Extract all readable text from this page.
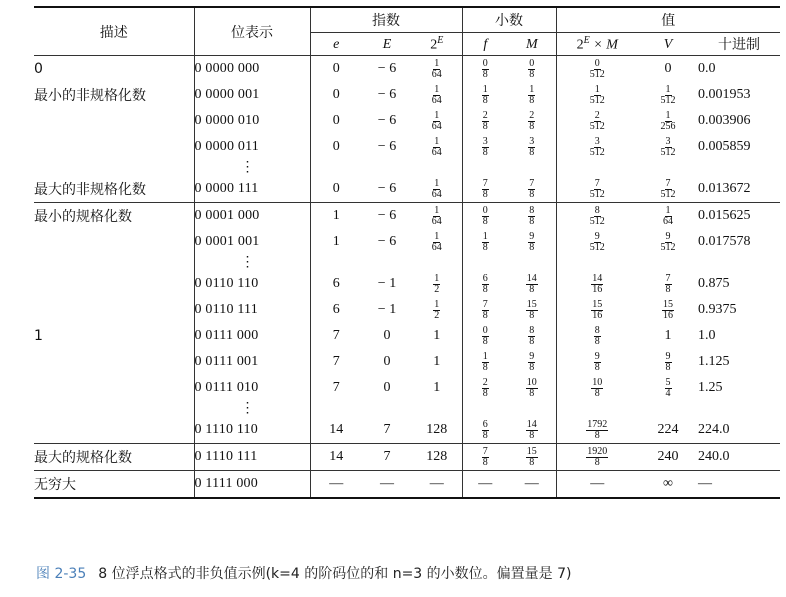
描述	位表示	指数			小数		值		
		e	E	$2^E$	f	M	$2^E \times M$	V	十进制
0	0 0000 000	0	− 6	$\frac{1}{64}$	$\frac{0}{8}$	$\frac{0}{8}$	$\frac{0}{512}$	0	0.0
最小的非规格化数	0 0000 001	0	− 6	$\frac{1}{64}$	$\frac{1}{8}$	$\frac{1}{8}$	$\frac{1}{512}$	$\frac{1}{512}$	0.001953
	0 0000 010	0	− 6	$\frac{1}{64}$	$\frac{2}{8}$	$\frac{2}{8}$	$\frac{2}{512}$	$\frac{1}{256}$	0.003906
	0 0000 011	0	− 6	$\frac{1}{64}$	$\frac{3}{8}$	$\frac{3}{8}$	$\frac{3}{512}$	$\frac{3}{512}$	0.005859
	⋮								
最大的非规格化数	0 0000 111	0	− 6	$\frac{1}{64}$	$\frac{7}{8}$	$\frac{7}{8}$	$\frac{7}{512}$	$\frac{7}{512}$	0.013672
最小的规格化数	0 0001 000	1	− 6	$\frac{1}{64}$	$\frac{0}{8}$	$\frac{8}{8}$	$\frac{8}{512}$	$\frac{1}{64}$	0.015625
	0 0001 001	1	− 6	$\frac{1}{64}$	$\frac{1}{8}$	$\frac{9}{8}$	$\frac{9}{512}$	$\frac{9}{512}$	0.017578
	⋮								
	0 0110 110	6	− 1	$\frac{1}{2}$	$\frac{6}{8}$	$\frac{14}{8}$	$\frac{14}{16}$	$\frac{7}{8}$	0.875
	0 0110 111	6	− 1	$\frac{1}{2}$	$\frac{7}{8}$	$\frac{15}{8}$	$\frac{15}{16}$	$\frac{15}{16}$	0.9375
1	0 0111 000	7	0	1	$\frac{0}{8}$	$\frac{8}{8}$	$\frac{8}{8}$	1	1.0
	0 0111 001	7	0	1	$\frac{1}{8}$	$\frac{9}{8}$	$\frac{9}{8}$	$\frac{9}{8}$	1.125
	0 0111 010	7	0	1	$\frac{2}{8}$	$\frac{10}{8}$	$\frac{10}{8}$	$\frac{5}{4}$	1.25
	⋮								
	0 1110 110	14	7	128	$\frac{6}{8}$	$\frac{14}{8}$	$\frac{1792}{8}$	224	224.0
最大的规格化数	0 1110 111	14	7	128	$\frac{7}{8}$	$\frac{15}{8}$	$\frac{1920}{8}$	240	240.0
无穷大	0 1111 000	—	—	—	—	—	—	∞	—
图 2-35 8 位浮点格式的非负值示例(k=4 的阶码位的和 n=3 的小数位。偏置量是 7)
